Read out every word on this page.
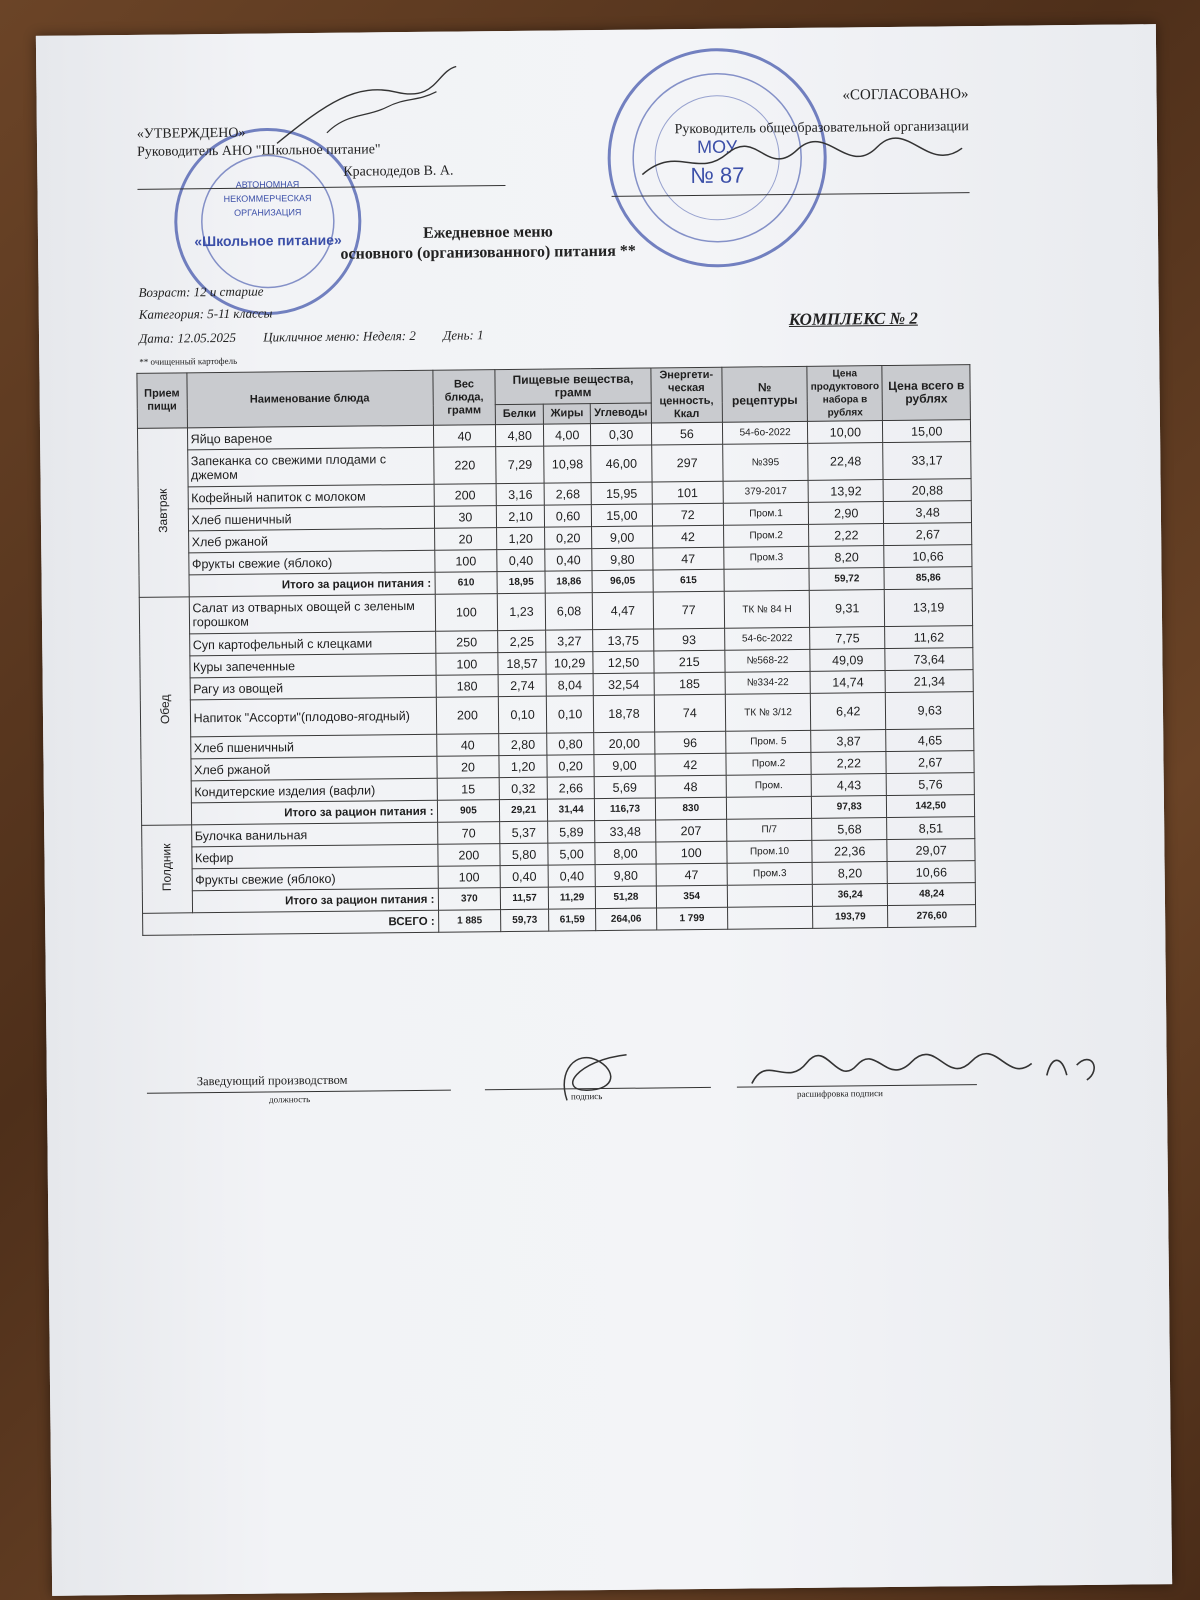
АВТОНОМНАЯ
НЕКОММЕРЧЕСКАЯ
ОРГАНИЗАЦИЯ
«Школьное питание»
МОУ
№ 87
«УТВЕРЖДЕНО»
Руководитель АНО "Школьное питание"
Краснодедов В. А.
«СОГЛАСОВАНО»
Руководитель общеобразовательной организации
Ежедневное меню
основного (организованного) питания **
Возраст: 12 и старше
Категория: 5-11 классы
Дата: 12.05.2025 Цикличное меню: Неделя: 2 День: 1
КОМПЛЕКС № 2
** очищенный картофель
Прием пищи	Наименование блюда	Вес блюда, грамм	Пищевые вещества, грамм			Энергети-ческая ценность, Ккал	№ рецептуры	Цена продуктового набора в рублях	Цена всего в рублях
			Белки	Жиры	Углеводы				
Завтрак	Яйцо вареное	40	4,80	4,00	0,30	56	54-6о-2022	10,00	15,00
	Запеканка со свежими плодами с джемом	220	7,29	10,98	46,00	297	№395	22,48	33,17
	Кофейный напиток с молоком	200	3,16	2,68	15,95	101	379-2017	13,92	20,88
	Хлеб пшеничный	30	2,10	0,60	15,00	72	Пром.1	2,90	3,48
	Хлеб ржаной	20	1,20	0,20	9,00	42	Пром.2	2,22	2,67
	Фрукты свежие (яблоко)	100	0,40	0,40	9,80	47	Пром.3	8,20	10,66
	Итого за рацион питания :	610	18,95	18,86	96,05	615		59,72	85,86
Обед	Салат из отварных овощей с зеленым горошком	100	1,23	6,08	4,47	77	ТК № 84 Н	9,31	13,19
	Суп картофельный с клецками	250	2,25	3,27	13,75	93	54-6с-2022	7,75	11,62
	Куры запеченные	100	18,57	10,29	12,50	215	№568-22	49,09	73,64
	Рагу из овощей	180	2,74	8,04	32,54	185	№334-22	14,74	21,34
	Напиток "Ассорти"(плодово-ягодный)	200	0,10	0,10	18,78	74	ТК № 3/12	6,42	9,63
	Хлеб пшеничный	40	2,80	0,80	20,00	96	Пром. 5	3,87	4,65
	Хлеб ржаной	20	1,20	0,20	9,00	42	Пром.2	2,22	2,67
	Кондитерские изделия (вафли)	15	0,32	2,66	5,69	48	Пром.	4,43	5,76
	Итого за рацион питания :	905	29,21	31,44	116,73	830		97,83	142,50
Полдник	Булочка ванильная	70	5,37	5,89	33,48	207	П/7	5,68	8,51
	Кефир	200	5,80	5,00	8,00	100	Пром.10	22,36	29,07
	Фрукты свежие (яблоко)	100	0,40	0,40	9,80	47	Пром.3	8,20	10,66
	Итого за рацион питания :	370	11,57	11,29	51,28	354		36,24	48,24
ВСЕГО :		1 885	59,73	61,59	264,06	1 799		193,79	276,60
Заведующий производством
должность	подпись	расшифровка подписи
